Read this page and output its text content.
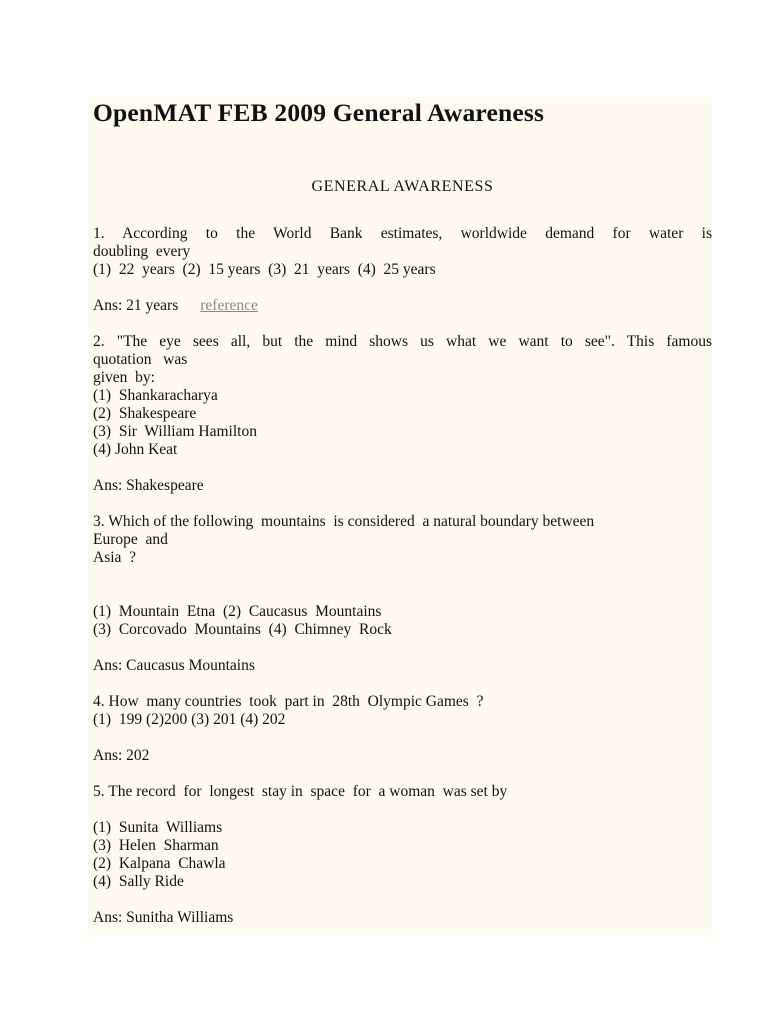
OpenMAT FEB 2009 General Awareness
GENERAL AWARENESS
1. According to the World Bank estimates, worldwide demand for water is
doubling  every
(1)  22  years  (2)  15 years  (3)  21  years  (4)  25 years
Ans: 21 years reference
2. "The eye sees all, but the mind shows us what we want to see". This famous
quotation   was
given  by:
(1)  Shankaracharya
(2)  Shakespeare
(3)  Sir  William Hamilton
(4) John Keat
Ans: Shakespeare
3. Which of the following  mountains  is considered  a natural boundary between
Europe  and
Asia  ?
(1)  Mountain  Etna  (2)  Caucasus  Mountains
(3)  Corcovado  Mountains  (4)  Chimney  Rock
Ans: Caucasus Mountains
4. How  many countries  took  part in  28th  Olympic Games  ?
(1)  199 (2)200 (3) 201 (4) 202
Ans: 202
5. The record  for  longest  stay in  space  for  a woman  was set by
(1)  Sunita  Williams
(3)  Helen  Sharman
(2)  Kalpana  Chawla
(4)  Sally Ride
Ans: Sunitha Williams
